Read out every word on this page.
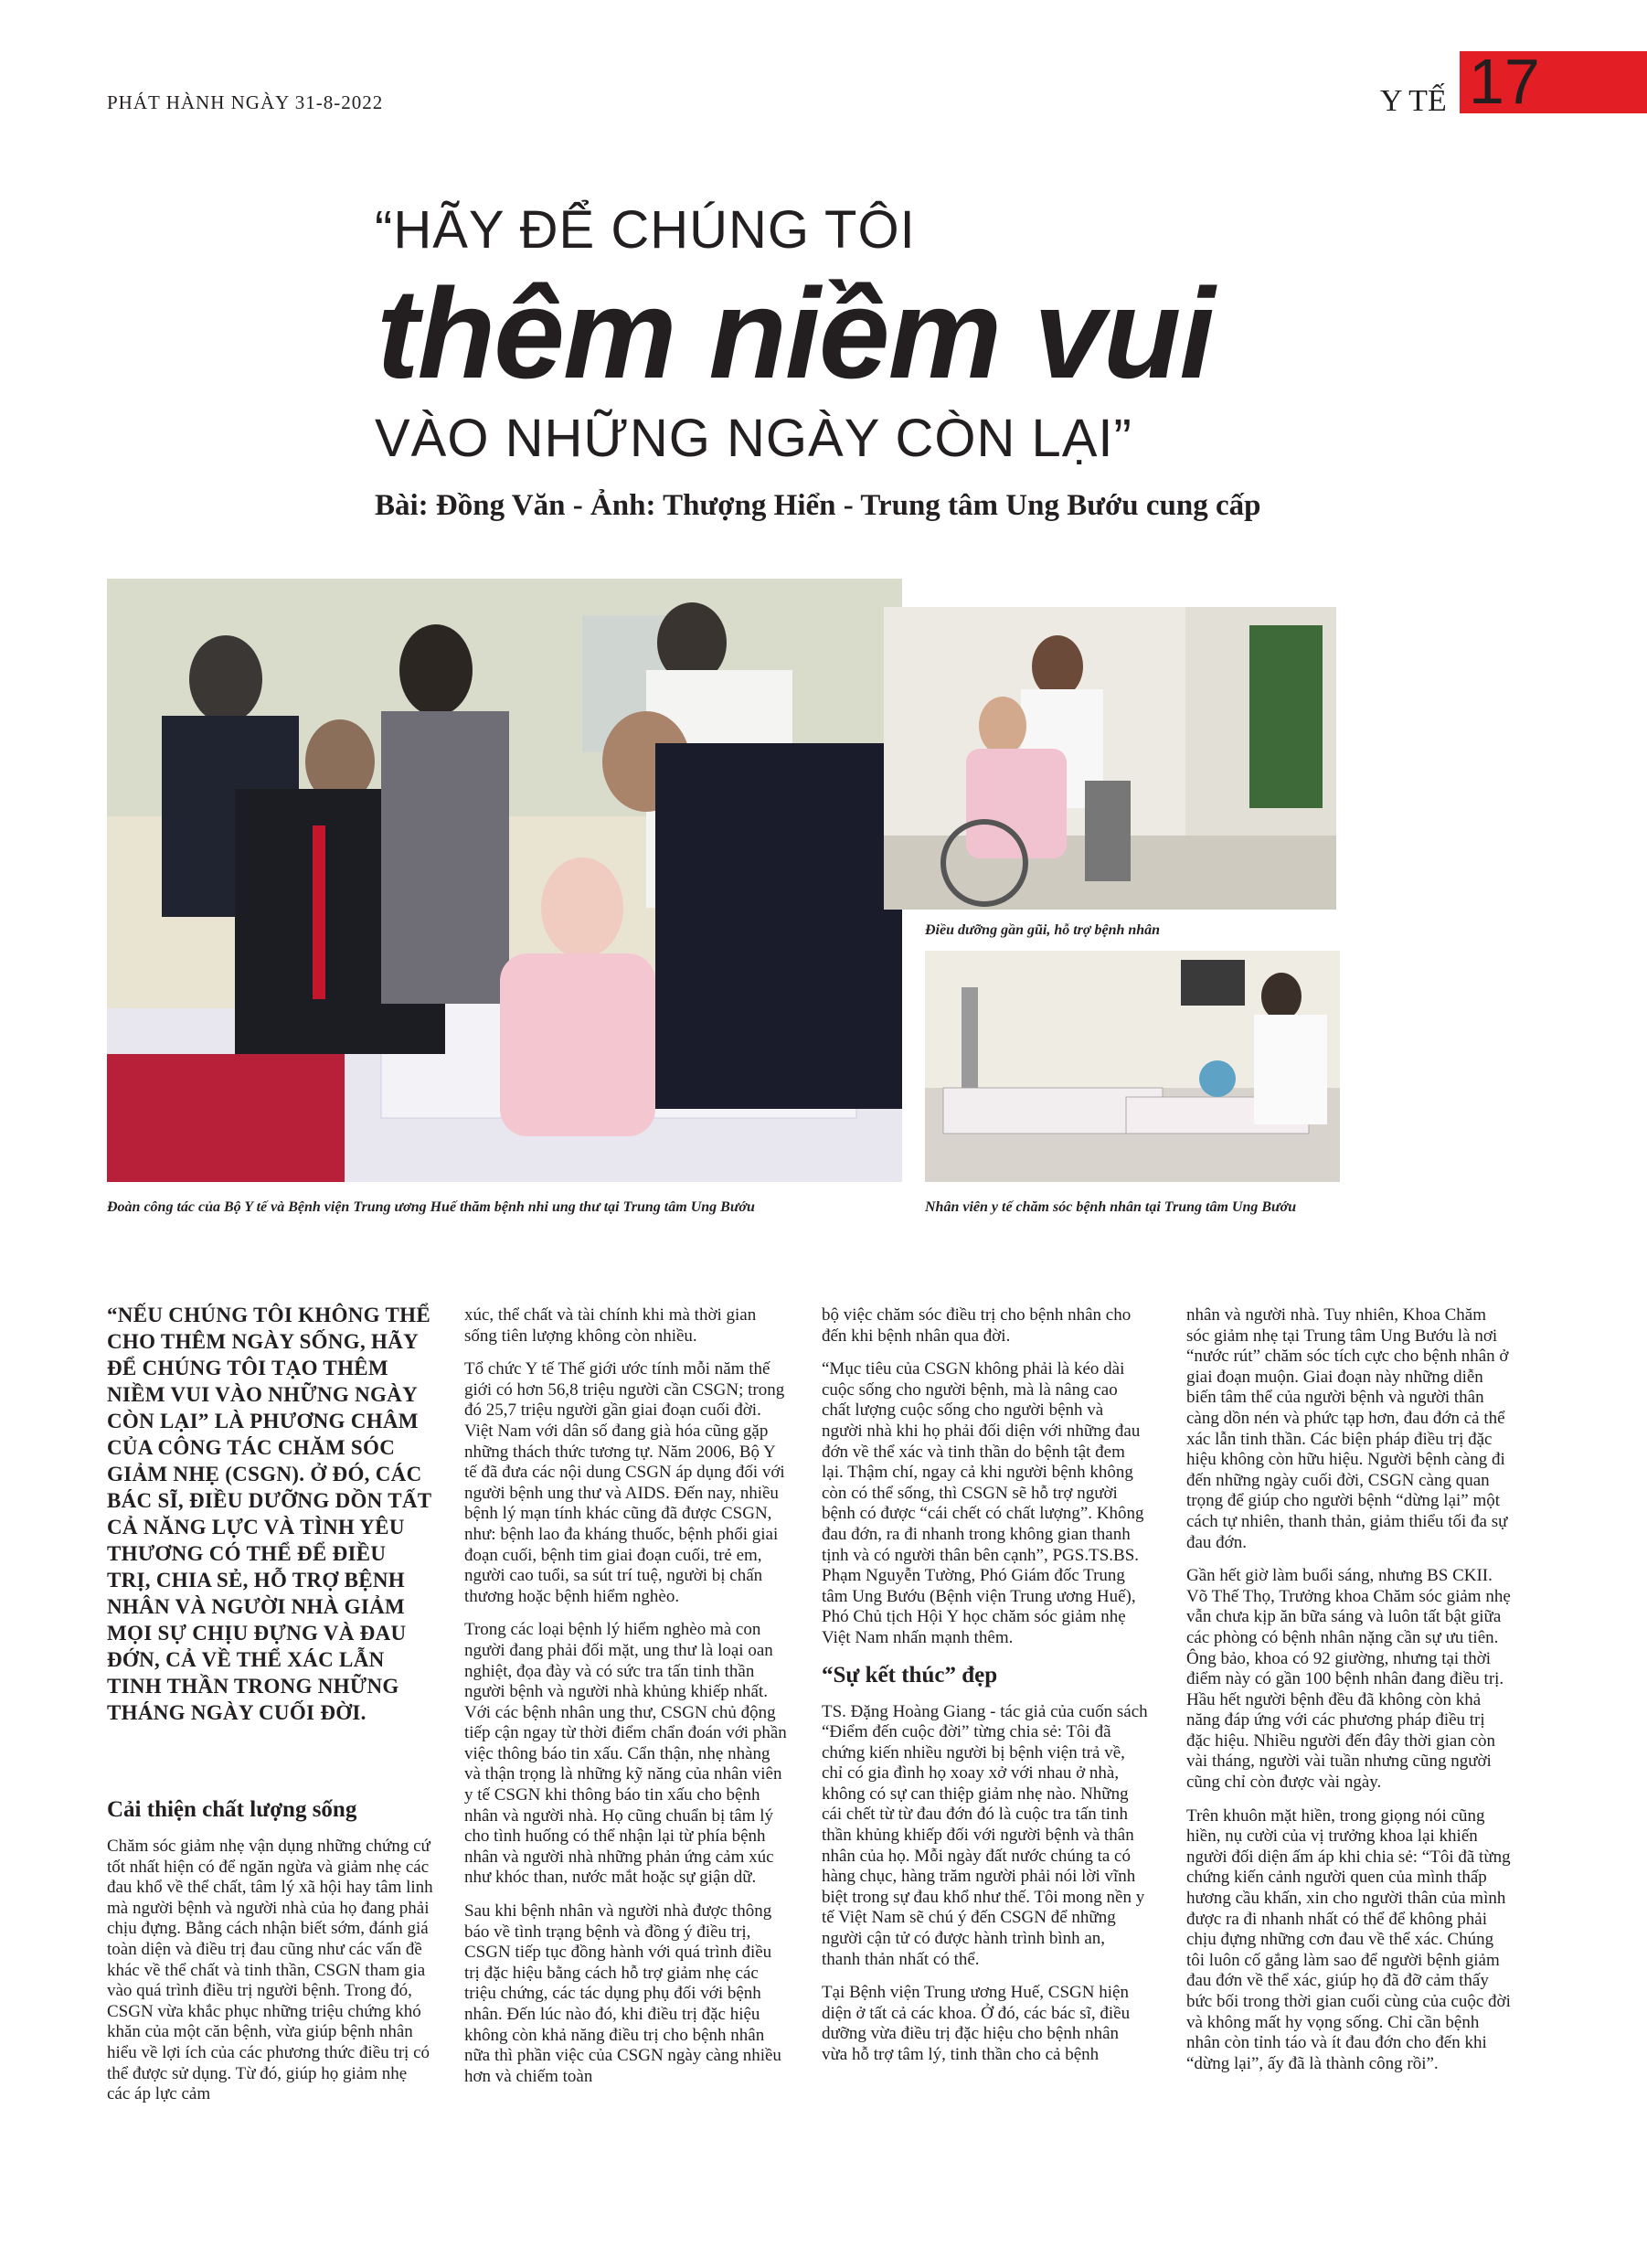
PHÁT HÀNH NGÀY 31-8-2022	Y TẾ 17
“HÃY ĐỂ CHÚNG TÔI
thêm niềm vui
VÀO NHỮNG NGÀY CÒN LẠI”
Bài: Đồng Văn - Ảnh: Thượng Hiển - Trung tâm Ung Bướu cung cấp
Điều dưỡng gần gũi, hỗ trợ bệnh nhân
Đoàn công tác của Bộ Y tế và Bệnh viện Trung ương Huế thăm bệnh nhi ung thư tại Trung tâm Ung Bướu	Nhân viên y tế chăm sóc bệnh nhân tại Trung tâm Ung Bướu

“NẾU CHÚNG TÔI KHÔNG THỂ CHO THÊM NGÀY SỐNG, HÃY ĐỂ CHÚNG TÔI TẠO THÊM NIỀM VUI VÀO NHỮNG NGÀY CÒN LẠI” LÀ PHƯƠNG CHÂM CỦA CÔNG TÁC CHĂM SÓC GIẢM NHẸ (CSGN). Ở ĐÓ, CÁC BÁC SĨ, ĐIỀU DƯỠNG DỒN TẤT CẢ NĂNG LỰC VÀ TÌNH YÊU THƯƠNG CÓ THỂ ĐỂ ĐIỀU TRỊ, CHIA SẺ, HỖ TRỢ BỆNH NHÂN VÀ NGƯỜI NHÀ GIẢM MỌI SỰ CHỊU ĐỰNG VÀ ĐAU ĐỚN, CẢ VỀ THỂ XÁC LẪN TINH THẦN TRONG NHỮNG THÁNG NGÀY CUỐI ĐỜI.

Cải thiện chất lượng sống

Chăm sóc giảm nhẹ vận dụng những chứng cứ tốt nhất hiện có để ngăn ngừa và giảm nhẹ các đau khổ về thể chất, tâm lý xã hội hay tâm linh mà người bệnh và người nhà của họ đang phải chịu đựng. Bằng cách nhận biết sớm, đánh giá toàn diện và điều trị đau cũng như các vấn đề khác về thể chất và tinh thần, CSGN tham gia vào quá trình điều trị người bệnh. Trong đó, CSGN vừa khắc phục những triệu chứng khó khăn của một căn bệnh, vừa giúp bệnh nhân hiểu về lợi ích của các phương thức điều trị có thể được sử dụng. Từ đó, giúp họ giảm nhẹ các áp lực cảm

xúc, thể chất và tài chính khi mà thời gian sống tiên lượng không còn nhiều.

Tổ chức Y tế Thế giới ước tính mỗi năm thế giới có hơn 56,8 triệu người cần CSGN; trong đó 25,7 triệu người gần giai đoạn cuối đời. Việt Nam với dân số đang già hóa cũng gặp những thách thức tương tự. Năm 2006, Bộ Y tế đã đưa các nội dung CSGN áp dụng đối với người bệnh ung thư và AIDS. Đến nay, nhiều bệnh lý mạn tính khác cũng đã được CSGN, như: bệnh lao đa kháng thuốc, bệnh phổi giai đoạn cuối, bệnh tim giai đoạn cuối, trẻ em, người cao tuổi, sa sút trí tuệ, người bị chấn thương hoặc bệnh hiểm nghèo.

Trong các loại bệnh lý hiểm nghèo mà con người đang phải đối mặt, ung thư là loại oan nghiệt, đọa đày và có sức tra tấn tinh thần người bệnh và người nhà khủng khiếp nhất. Với các bệnh nhân ung thư, CSGN chủ động tiếp cận ngay từ thời điểm chẩn đoán với phần việc thông báo tin xấu. Cẩn thận, nhẹ nhàng và thận trọng là những kỹ năng của nhân viên y tế CSGN khi thông báo tin xấu cho bệnh nhân và người nhà. Họ cũng chuẩn bị tâm lý cho tình huống có thể nhận lại từ phía bệnh nhân và người nhà những phản ứng cảm xúc như khóc than, nước mắt hoặc sự giận dữ.

Sau khi bệnh nhân và người nhà được thông báo về tình trạng bệnh và đồng ý điều trị, CSGN tiếp tục đồng hành với quá trình điều trị đặc hiệu bằng cách hỗ trợ giảm nhẹ các triệu chứng, các tác dụng phụ đối với bệnh nhân. Đến lúc nào đó, khi điều trị đặc hiệu không còn khả năng điều trị cho bệnh nhân nữa thì phần việc của CSGN ngày càng nhiều hơn và chiếm toàn

bộ việc chăm sóc điều trị cho bệnh nhân cho đến khi bệnh nhân qua đời.

“Mục tiêu của CSGN không phải là kéo dài cuộc sống cho người bệnh, mà là nâng cao chất lượng cuộc sống cho người bệnh và người nhà khi họ phải đối diện với những đau đớn về thể xác và tinh thần do bệnh tật đem lại. Thậm chí, ngay cả khi người bệnh không còn có thể sống, thì CSGN sẽ hỗ trợ người bệnh có được “cái chết có chất lượng”. Không đau đớn, ra đi nhanh trong không gian thanh tịnh và có người thân bên cạnh”, PGS.TS.BS. Phạm Nguyễn Tường, Phó Giám đốc Trung tâm Ung Bướu (Bệnh viện Trung ương Huế), Phó Chủ tịch Hội Y học chăm sóc giảm nhẹ Việt Nam nhấn mạnh thêm.

“Sự kết thúc” đẹp

TS. Đặng Hoàng Giang - tác giả của cuốn sách “Điểm đến cuộc đời” từng chia sẻ: Tôi đã chứng kiến nhiều người bị bệnh viện trả về, chỉ có gia đình họ xoay xở với nhau ở nhà, không có sự can thiệp giảm nhẹ nào. Những cái chết từ từ đau đớn đó là cuộc tra tấn tinh thần khủng khiếp đối với người bệnh và thân nhân của họ. Mỗi ngày đất nước chúng ta có hàng chục, hàng trăm người phải nói lời vĩnh biệt trong sự đau khổ như thế. Tôi mong nền y tế Việt Nam sẽ chú ý đến CSGN để những người cận tử có được hành trình bình an, thanh thản nhất có thể.

Tại Bệnh viện Trung ương Huế, CSGN hiện diện ở tất cả các khoa. Ở đó, các bác sĩ, điều dưỡng vừa điều trị đặc hiệu cho bệnh nhân vừa hỗ trợ tâm lý, tinh thần cho cả bệnh

nhân và người nhà. Tuy nhiên, Khoa Chăm sóc giảm nhẹ tại Trung tâm Ung Bướu là nơi “nước rút” chăm sóc tích cực cho bệnh nhân ở giai đoạn muộn. Giai đoạn này những diễn biến tâm thể của người bệnh và người thân càng dồn nén và phức tạp hơn, đau đớn cả thể xác lẫn tinh thần. Các biện pháp điều trị đặc hiệu không còn hữu hiệu. Người bệnh càng đi đến những ngày cuối đời, CSGN càng quan trọng để giúp cho người bệnh “dừng lại” một cách tự nhiên, thanh thản, giảm thiểu tối đa sự đau đớn.

Gần hết giờ làm buổi sáng, nhưng BS CKII. Võ Thế Thọ, Trưởng khoa Chăm sóc giảm nhẹ vẫn chưa kịp ăn bữa sáng và luôn tất bật giữa các phòng có bệnh nhân nặng cần sự ưu tiên. Ông bảo, khoa có 92 giường, nhưng tại thời điểm này có gần 100 bệnh nhân đang điều trị. Hầu hết người bệnh đều đã không còn khả năng đáp ứng với các phương pháp điều trị đặc hiệu. Nhiều người đến đây thời gian còn vài tháng, người vài tuần nhưng cũng người cũng chỉ còn được vài ngày.

Trên khuôn mặt hiền, trong giọng nói cũng hiền, nụ cười của vị trưởng khoa lại khiến người đối diện ấm áp khi chia sẻ: “Tôi đã từng chứng kiến cảnh người quen của mình thấp hương cầu khấn, xin cho người thân của mình được ra đi nhanh nhất có thể để không phải chịu đựng những cơn đau về thể xác. Chúng tôi luôn cố gắng làm sao để người bệnh giảm đau đớn về thể xác, giúp họ đã đỡ cảm thấy bức bối trong thời gian cuối cùng của cuộc đời và không mất hy vọng sống. Chỉ cần bệnh nhân còn tỉnh táo và ít đau đớn cho đến khi “dừng lại”, ấy đã là thành công rồi”.
